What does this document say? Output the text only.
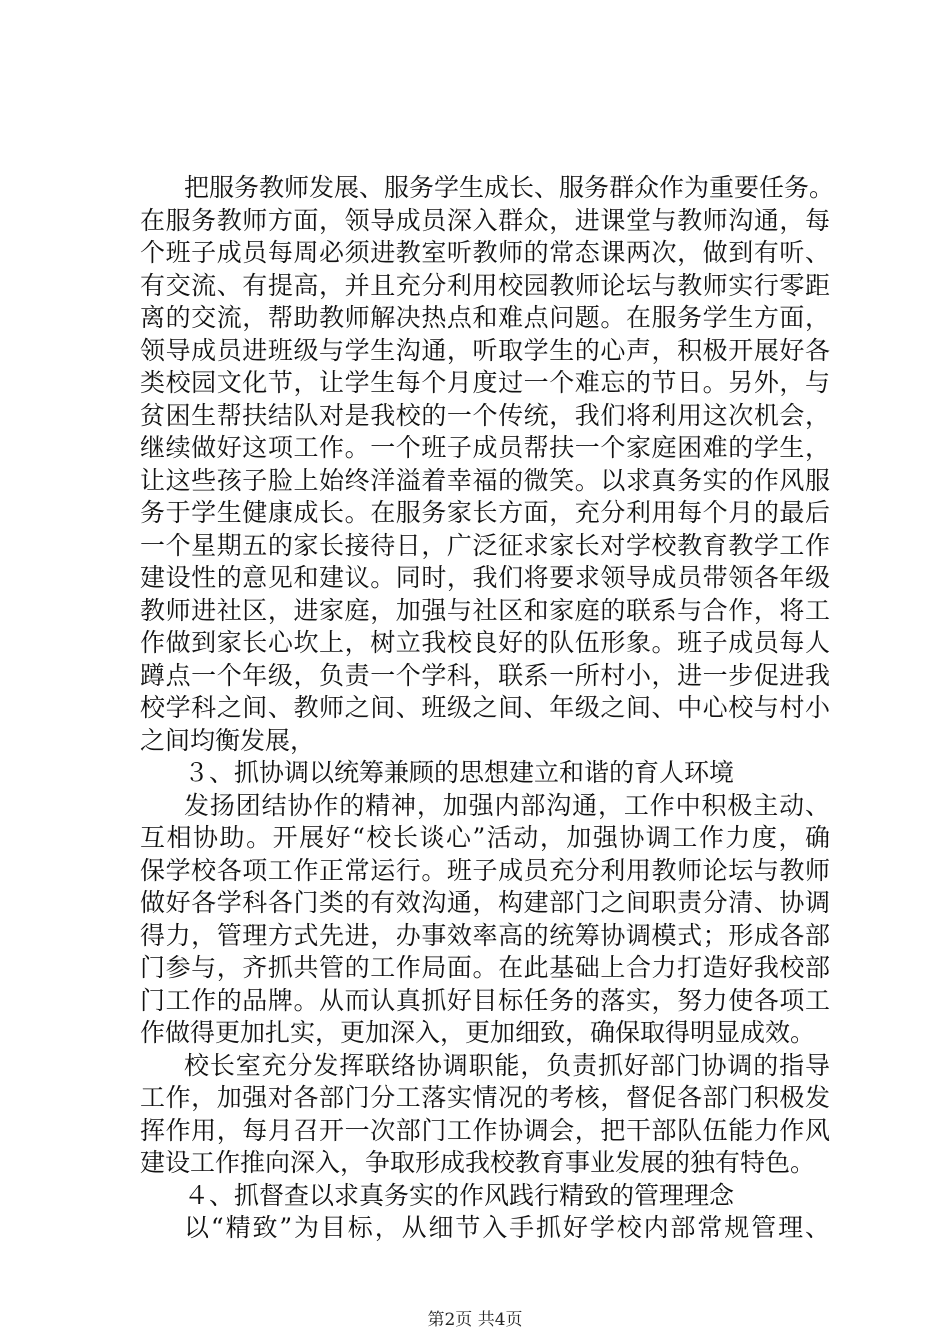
把服务教师发展、服务学生成长、服务群众作为重要任务。
在服务教师方面，领导成员深入群众，进课堂与教师沟通，每
个班子成员每周必须进教室听教师的常态课两次，做到有听、
有交流、有提高，并且充分利用校园教师论坛与教师实行零距
离的交流，帮助教师解决热点和难点问题。在服务学生方面，
领导成员进班级与学生沟通，听取学生的心声，积极开展好各
类校园文化节，让学生每个月度过一个难忘的节日。另外，与
贫困生帮扶结队对是我校的一个传统，我们将利用这次机会，
继续做好这项工作。一个班子成员帮扶一个家庭困难的学生，
让这些孩子脸上始终洋溢着幸福的微笑。以求真务实的作风服
务于学生健康成长。在服务家长方面，充分利用每个月的最后
一个星期五的家长接待日，广泛征求家长对学校教育教学工作
建设性的意见和建议。同时，我们将要求领导成员带领各年级
教师进社区，进家庭，加强与社区和家庭的联系与合作，将工
作做到家长心坎上，树立我校良好的队伍形象。班子成员每人
蹲点一个年级，负责一个学科，联系一所村小，进一步促进我
校学科之间、教师之间、班级之间、年级之间、中心校与村小
之间均衡发展，
３、抓协调以统筹兼顾的思想建立和谐的育人环境
发扬团结协作的精神，加强内部沟通，工作中积极主动、
互相协助。开展好“校长谈心”活动，加强协调工作力度，确
保学校各项工作正常运行。班子成员充分利用教师论坛与教师
做好各学科各门类的有效沟通，构建部门之间职责分清、协调
得力，管理方式先进，办事效率高的统筹协调模式；形成各部
门参与，齐抓共管的工作局面。在此基础上合力打造好我校部
门工作的品牌。从而认真抓好目标任务的落实，努力使各项工
作做得更加扎实，更加深入，更加细致，确保取得明显成效。
校长室充分发挥联络协调职能，负责抓好部门协调的指导
工作，加强对各部门分工落实情况的考核，督促各部门积极发
挥作用，每月召开一次部门工作协调会，把干部队伍能力作风
建设工作推向深入，争取形成我校教育事业发展的独有特色。
４、抓督查以求真务实的作风践行精致的管理理念
以“精致”为目标，从细节入手抓好学校内部常规管理、
第2页 共4页
